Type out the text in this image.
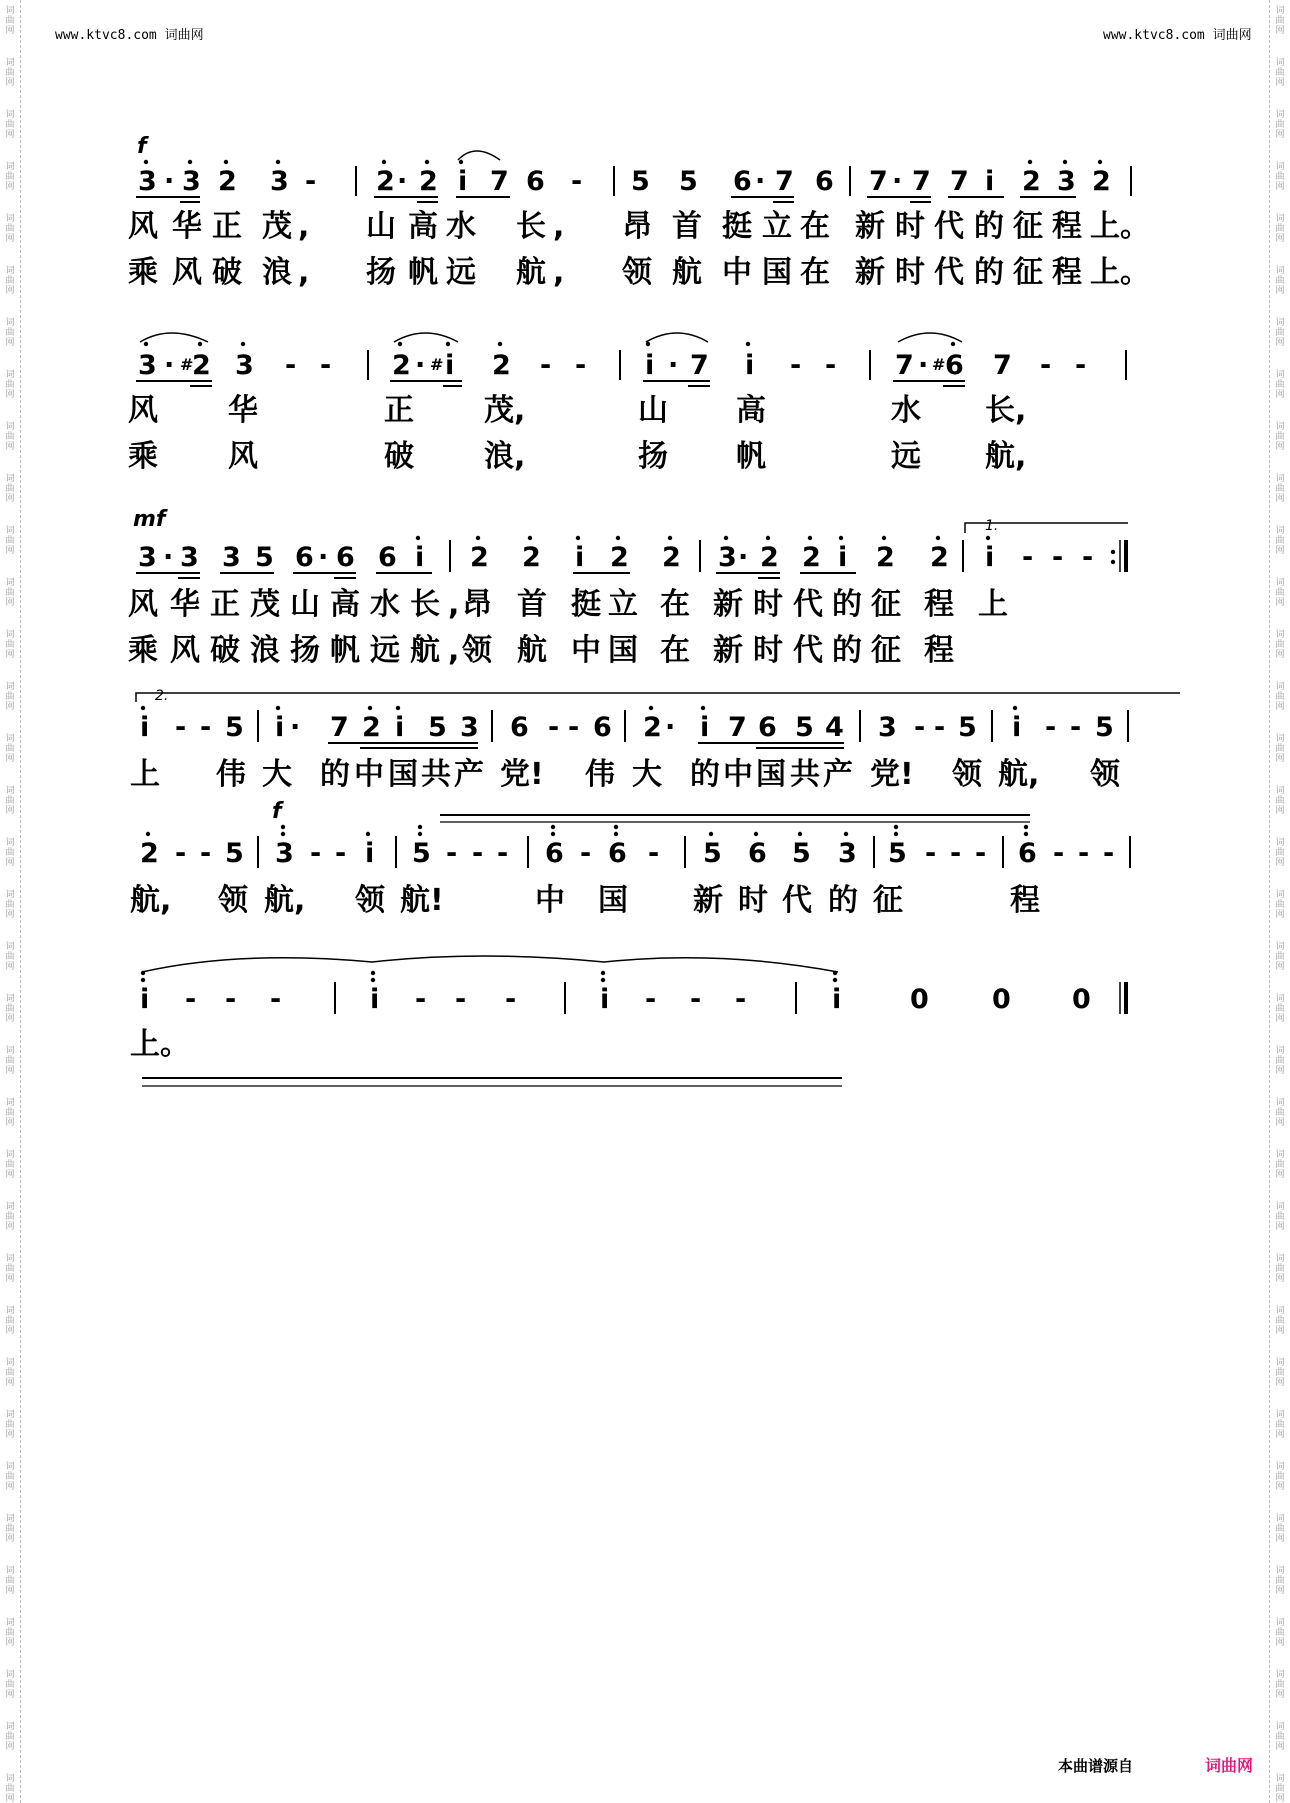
词
曲
网
词
曲
网
词
曲
网
词
曲
网
词
曲
网
词
曲
网
词
曲
网
词
曲
网
词
曲
网
词
曲
网
词
曲
网
词
曲
网
词
曲
网
词
曲
网
词
曲
网
词
曲
网
词
曲
网
词
曲
网
词
曲
网
词
曲
网
词
曲
网
词
曲
网
词
曲
网
词
曲
网
词
曲
网
词
曲
网
词
曲
网
词
曲
网
词
曲
网
词
曲
网
词
曲
网
词
曲
网
词
曲
网
词
曲
网
词
曲
网
词
曲
网
词
曲
网
词
曲
网
词
曲
网
词
曲
网
词
曲
网
词
曲
网
词
曲
网
词
曲
网
词
曲
网
词
曲
网
词
曲
网
词
曲
网
词
曲
网
词
曲
网
词
曲
网
词
曲
网
词
曲
网
词
曲
网
词
曲
网
词
曲
网
词
曲
网
词
曲
网
词
曲
网
词
曲
网
词
曲
网
词
曲
网
词
曲
网
词
曲
网
词
曲
网
词
曲
网
词
曲
网
词
曲
网
词
曲
网
词
曲
网
www.ktvc8.com 词曲网	www.ktvc8.com 词曲网
f
3 · 3 2 3 - 2 · 2 i 7 6 - 5 5 6 · 7 6 7 · 7 7 i 2 3 2
风 华 正 茂 , 山 高 水 长 , 昂 首 挺 立 在 新 时 代 的 征 程 上。
乘 风 破 浪 , 扬 帆 远 航 , 领 航 中 国 在 新 时 代 的 征 程 上。
3 · #
2 3 - - 2 · # i 2 - - i · 7 i - - 7 · # 6 7 - -
风 华	正 茂,	山 高	水 长,
乘 风	破 浪,	扬 帆	远 航,
mf	1.
3 · 3 3 5 6 · 6 6 i 2 2 i 2 2 3 · 2 2 i 2 2 i - - -
风 华 正 茂 山 高 水 长 , 昂 首 挺 立 在 新 时 代 的 征 程 上
乘 风 破 浪 扬 帆 远 航 , 领 航 中 国 在 新 时 代 的 征 程
2.
i - - 5 i · 7 2 i 5 3 6 - - 6 2 · i 7 6 5 4 3 - - 5 i - - 5
上 伟 大 的 中 国 共 产 党! 伟 大 的 中 国 共 产 党! 领 航, 领
f
2 - - 5 3 - - i 5 - - - 6 - 6 - 5 6 5 3 5 - - - 6 - - -
航, 领 航, 领 航!	中 国 新 时 代 的 征	程
i - - -	i - - -	i - - -	i	0 0 0
上。
本曲谱源自	词曲网
